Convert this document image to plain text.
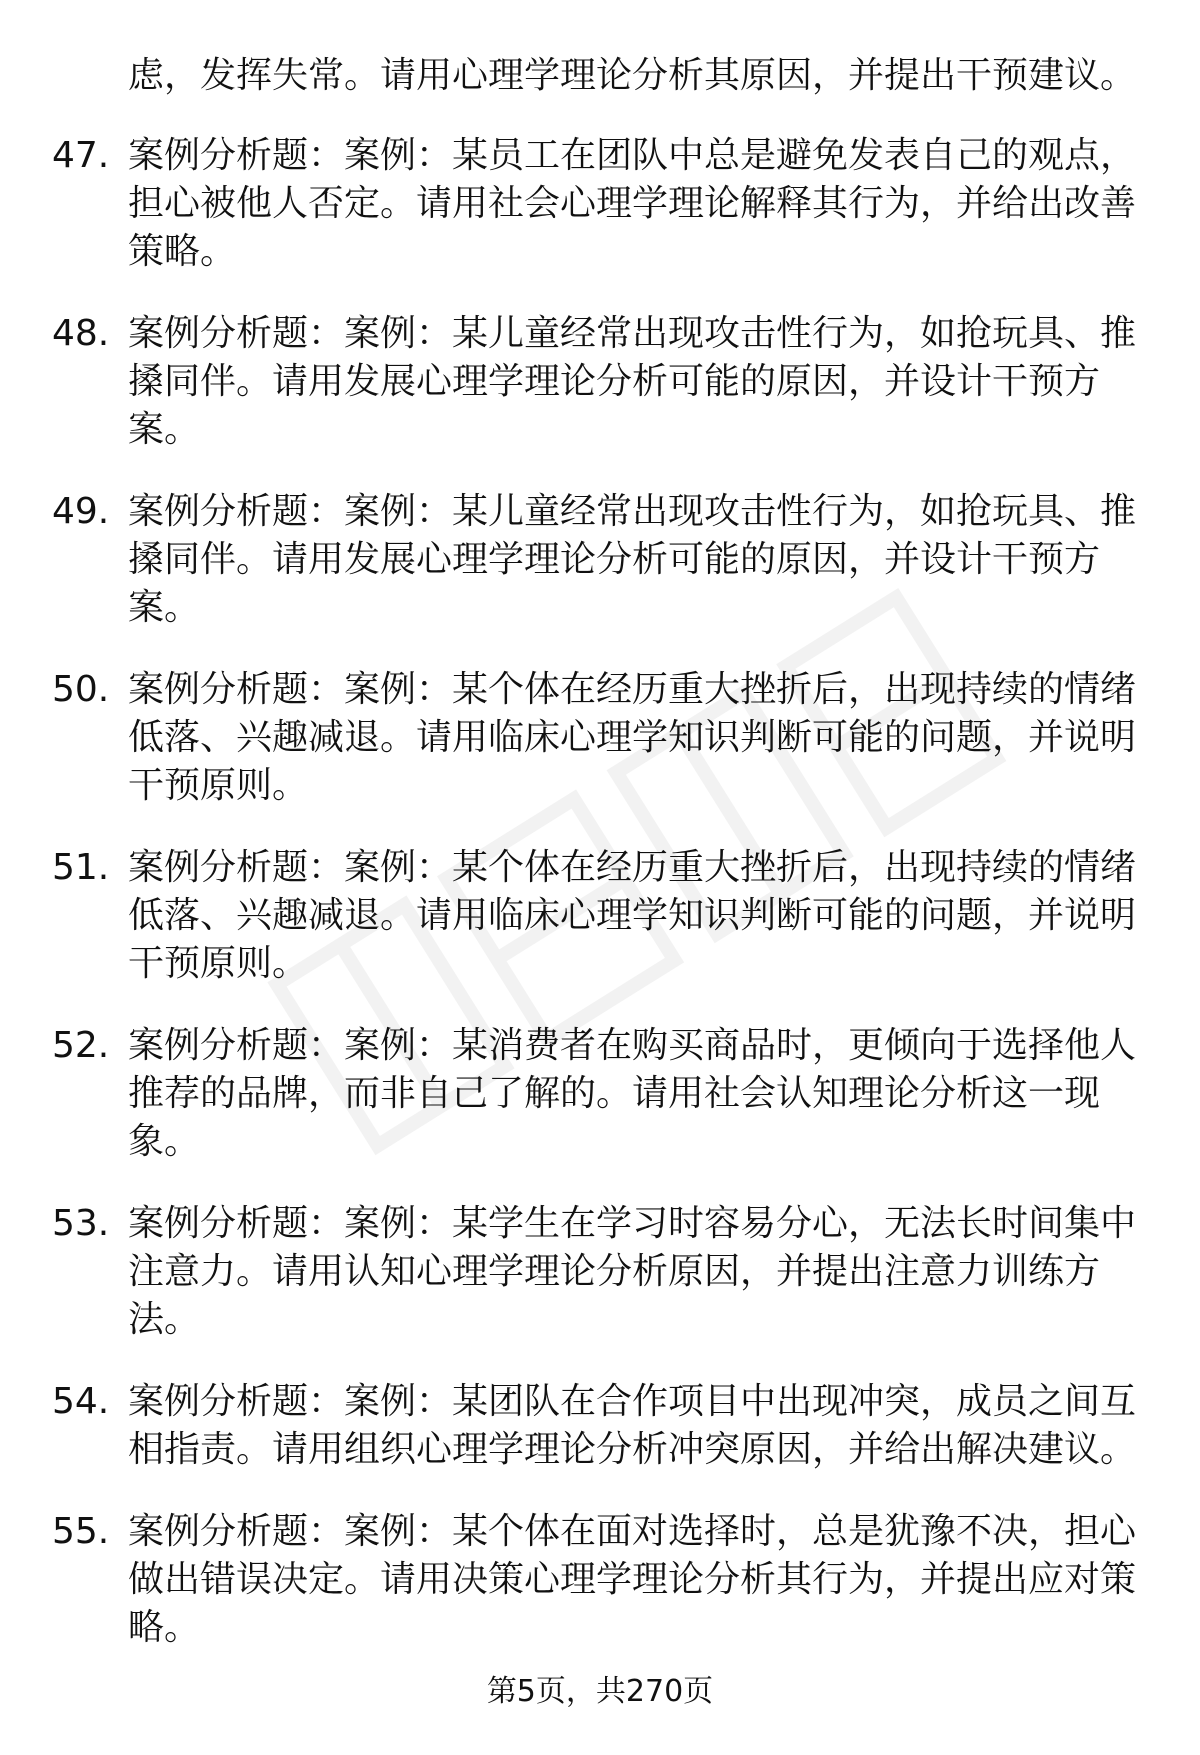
虑，发挥失常。请用心理学理论分析其原因，并提出干预建议。

47. 案例分析题：案例：某员工在团队中总是避免发表自己的观点，
担心被他人否定。请用社会心理学理论解释其行为，并给出改善
策略。
48. 案例分析题：案例：某儿童经常出现攻击性行为，如抢玩具、推
搡同伴。请用发展心理学理论分析可能的原因，并设计干预方
案。
49. 案例分析题：案例：某儿童经常出现攻击性行为，如抢玩具、推
搡同伴。请用发展心理学理论分析可能的原因，并设计干预方
案。
50. 案例分析题：案例：某个体在经历重大挫折后，出现持续的情绪
低落、兴趣减退。请用临床心理学知识判断可能的问题，并说明
干预原则。
51. 案例分析题：案例：某个体在经历重大挫折后，出现持续的情绪
低落、兴趣减退。请用临床心理学知识判断可能的问题，并说明
干预原则。
52. 案例分析题：案例：某消费者在购买商品时，更倾向于选择他人
推荐的品牌，而非自己了解的。请用社会认知理论分析这一现
象。
53. 案例分析题：案例：某学生在学习时容易分心，无法长时间集中
注意力。请用认知心理学理论分析原因，并提出注意力训练方
法。
54. 案例分析题：案例：某团队在合作项目中出现冲突，成员之间互
相指责。请用组织心理学理论分析冲突原因，并给出解决建议。
55. 案例分析题：案例：某个体在面对选择时，总是犹豫不决，担心
做出错误决定。请用决策心理学理论分析其行为，并提出应对策
略。
第5页，共270页
